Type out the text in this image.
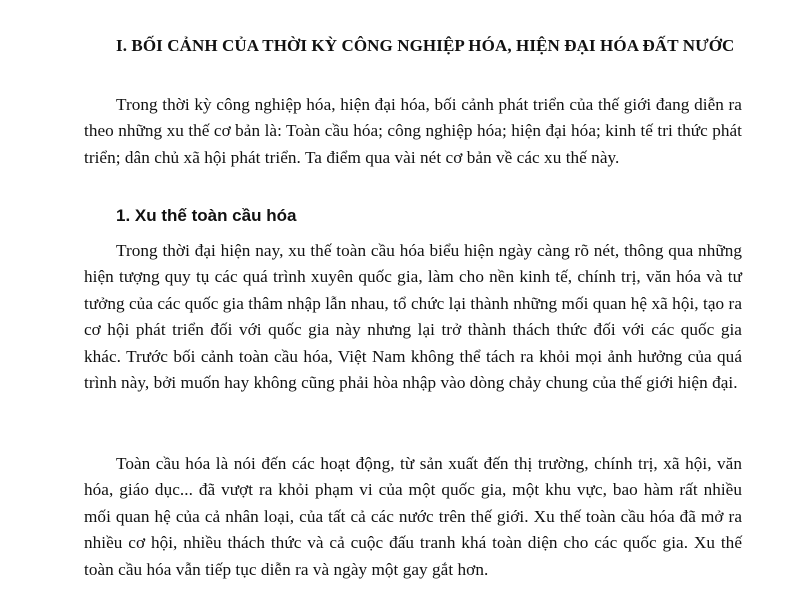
I. BỐI CẢNH CỦA THỜI KỲ CÔNG NGHIỆP HÓA, HIỆN ĐẠI HÓA ĐẤT NƯỚC

Trong thời kỳ công nghiệp hóa, hiện đại hóa, bối cảnh phát triển của thế giới đang diễn ra theo những xu thế cơ bản là: Toàn cầu hóa; công nghiệp hóa; hiện đại hóa; kinh tế tri thức phát triển; dân chủ xã hội phát triển. Ta điểm qua vài nét cơ bản về các xu thế này.

1. Xu thế toàn cầu hóa

Trong thời đại hiện nay, xu thế toàn cầu hóa biểu hiện ngày càng rõ nét, thông qua những hiện tượng quy tụ các quá trình xuyên quốc gia, làm cho nền kinh tế, chính trị, văn hóa và tư tưởng của các quốc gia thâm nhập lẫn nhau, tổ chức lại thành những mối quan hệ xã hội, tạo ra cơ hội phát triển đối với quốc gia này nhưng lại trở thành thách thức đối với các quốc gia khác. Trước bối cảnh toàn cầu hóa, Việt Nam không thể tách ra khỏi mọi ảnh hưởng của quá trình này, bởi muốn hay không cũng phải hòa nhập vào dòng chảy chung của thế giới hiện đại.

Toàn cầu hóa là nói đến các hoạt động, từ sản xuất đến thị trường, chính trị, xã hội, văn hóa, giáo dục... đã vượt ra khỏi phạm vi của một quốc gia, một khu vực, bao hàm rất nhiều mối quan hệ của cả nhân loại, của tất cả các nước trên thế giới. Xu thế toàn cầu hóa đã mở ra nhiều cơ hội, nhiều thách thức và cả cuộc đấu tranh khá toàn diện cho các quốc gia. Xu thế toàn cầu hóa vẫn tiếp tục diễn ra và ngày một gay gắt hơn.
